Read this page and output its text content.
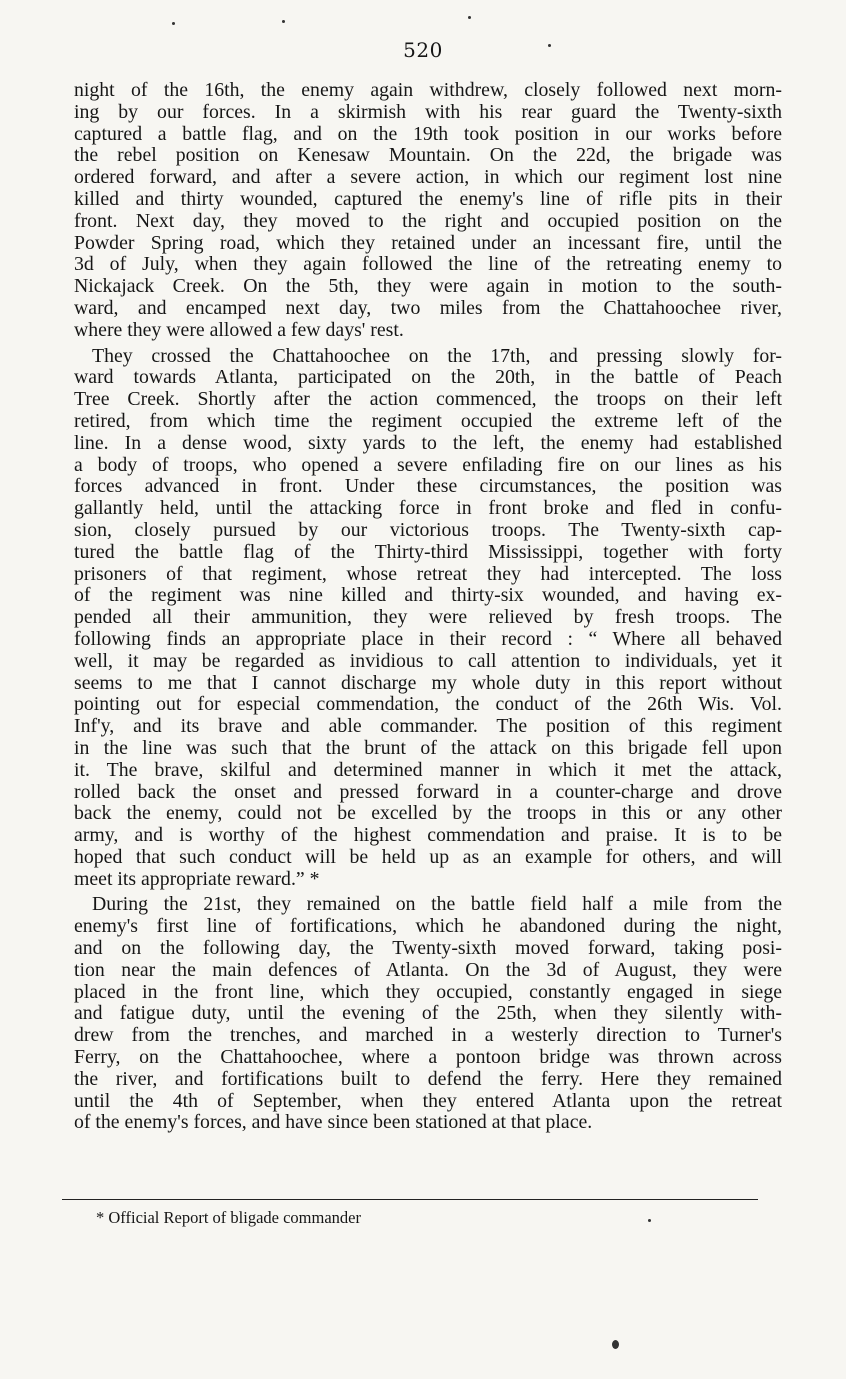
520
night of the 16th, the enemy again withdrew, closely followed next morn-
ing by our forces. In a skirmish with his rear guard the Twenty-sixth
captured a battle flag, and on the 19th took position in our works before
the rebel position on Kenesaw Mountain. On the 22d, the brigade was
ordered forward, and after a severe action, in which our regiment lost nine
killed and thirty wounded, captured the enemy's line of rifle pits in their
front. Next day, they moved to the right and occupied position on the
Powder Spring road, which they retained under an incessant fire, until the
3d of July, when they again followed the line of the retreating enemy to
Nickajack Creek. On the 5th, they were again in motion to the south-
ward, and encamped next day, two miles from the Chattahoochee river,
where they were allowed a few days' rest.
They crossed the Chattahoochee on the 17th, and pressing slowly for-
ward towards Atlanta, participated on the 20th, in the battle of Peach
Tree Creek. Shortly after the action commenced, the troops on their left
retired, from which time the regiment occupied the extreme left of the
line. In a dense wood, sixty yards to the left, the enemy had established
a body of troops, who opened a severe enfilading fire on our lines as his
forces advanced in front. Under these circumstances, the position was
gallantly held, until the attacking force in front broke and fled in confu-
sion, closely pursued by our victorious troops. The Twenty-sixth cap-
tured the battle flag of the Thirty-third Mississippi, together with forty
prisoners of that regiment, whose retreat they had intercepted. The loss
of the regiment was nine killed and thirty-six wounded, and having ex-
pended all their ammunition, they were relieved by fresh troops. The
following finds an appropriate place in their record : “ Where all behaved
well, it may be regarded as invidious to call attention to individuals, yet it
seems to me that I cannot discharge my whole duty in this report without
pointing out for especial commendation, the conduct of the 26th Wis. Vol.
Inf'y, and its brave and able commander. The position of this regiment
in the line was such that the brunt of the attack on this brigade fell upon
it. The brave, skilful and determined manner in which it met the attack,
rolled back the onset and pressed forward in a counter-charge and drove
back the enemy, could not be excelled by the troops in this or any other
army, and is worthy of the highest commendation and praise. It is to be
hoped that such conduct will be held up as an example for others, and will
meet its appropriate reward.” *
During the 21st, they remained on the battle field half a mile from the
enemy's first line of fortifications, which he abandoned during the night,
and on the following day, the Twenty-sixth moved forward, taking posi-
tion near the main defences of Atlanta. On the 3d of August, they were
placed in the front line, which they occupied, constantly engaged in siege
and fatigue duty, until the evening of the 25th, when they silently with-
drew from the trenches, and marched in a westerly direction to Turner's
Ferry, on the Chattahoochee, where a pontoon bridge was thrown across
the river, and fortifications built to defend the ferry. Here they remained
until the 4th of September, when they entered Atlanta upon the retreat
of the enemy's forces, and have since been stationed at that place.
* Official Report of bligade commander
